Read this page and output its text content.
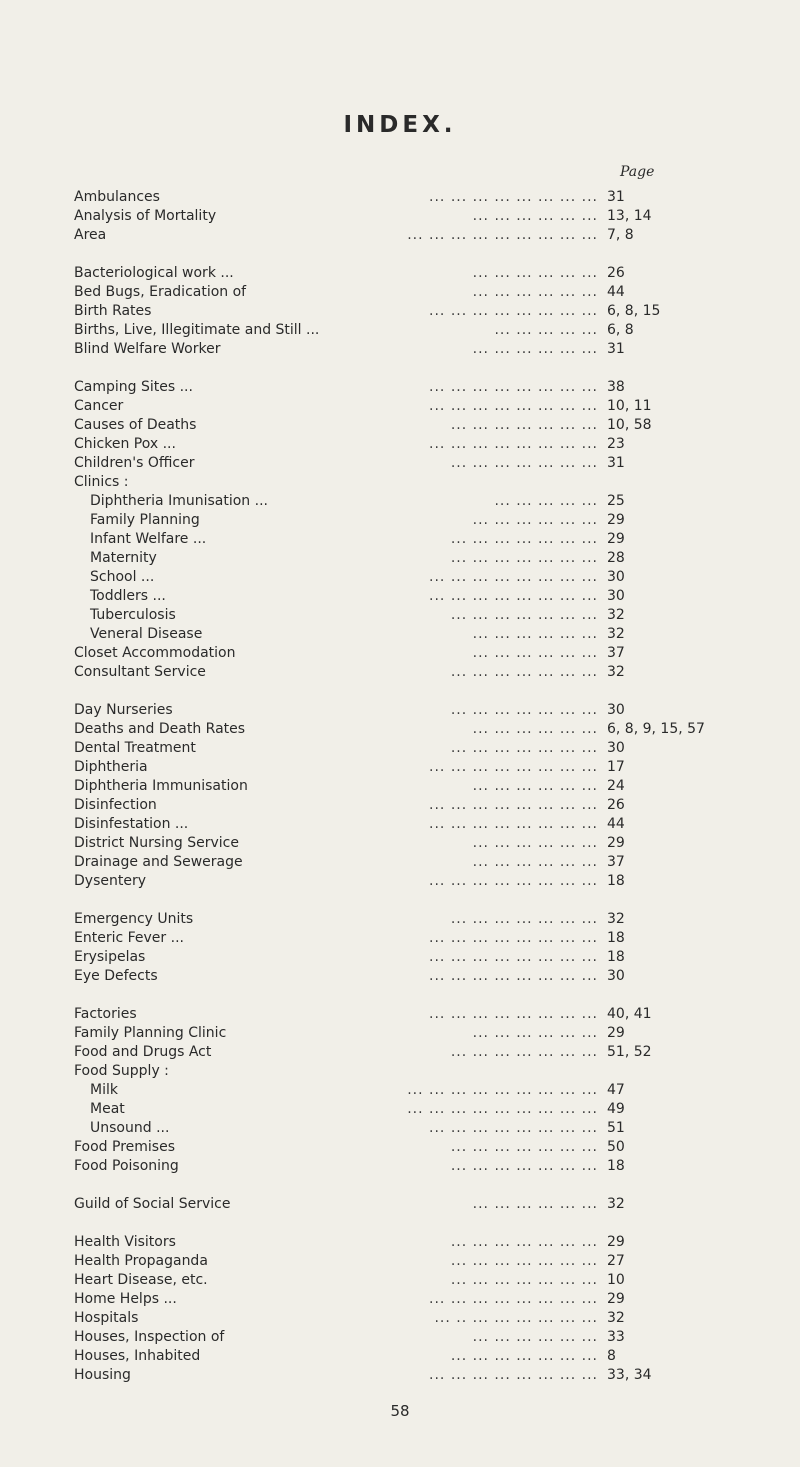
INDEX.
Page
Ambulances	... ... ... ... ... ... ... ... 31
Analysis of Mortality	... ... ... ... ... ... 13, 14
Area	... ... ... ... ... ... ... ... ... 7, 8
Bacteriological work ...	... ... ... ... ... ... 26
Bed Bugs, Eradication of	... ... ... ... ... ... 44
Birth Rates	... ... ... ... ... ... ... ... 6, 8, 15
Births, Live, Illegitimate and Still ...	... ... ... ... ... 6, 8
Blind Welfare Worker	... ... ... ... ... ... 31
Camping Sites ...	... ... ... ... ... ... ... ... 38
Cancer	... ... ... ... ... ... ... ... 10, 11
Causes of Deaths	... ... ... ... ... ... ... 10, 58
Chicken Pox ...	... ... ... ... ... ... ... ... 23
Children's Officer	... ... ... ... ... ... ... 31
Clinics :
Diphtheria Imunisation ...	... ... ... ... ... 25
Family Planning	... ... ... ... ... ... 29
Infant Welfare ...	... ... ... ... ... ... ... 29
Maternity	... ... ... ... ... ... ... 28
School ...	... ... ... ... ... ... ... ... 30
Toddlers ...	... ... ... ... ... ... ... ... 30
Tuberculosis	... ... ... ... ... ... ... 32
Veneral Disease	... ... ... ... ... ... 32
Closet Accommodation	... ... ... ... ... ... 37
Consultant Service	... ... ... ... ... ... ... 32
Day Nurseries	... ... ... ... ... ... ... 30
Deaths and Death Rates	... ... ... ... ... ... 6, 8, 9, 15, 57
Dental Treatment	... ... ... ... ... ... ... 30
Diphtheria	... ... ... ... ... ... ... ... 17
Diphtheria Immunisation	... ... ... ... ... ... 24
Disinfection	... ... ... ... ... ... ... ... 26
Disinfestation ...	... ... ... ... ... ... ... ... 44
District Nursing Service	... ... ... ... ... ... 29
Drainage and Sewerage	... ... ... ... ... ... 37
Dysentery	... ... ... ... ... ... ... ... 18
Emergency Units	... ... ... ... ... ... ... 32
Enteric Fever ...	... ... ... ... ... ... ... ... 18
Erysipelas	... ... ... ... ... ... ... ... 18
Eye Defects	... ... ... ... ... ... ... ... 30
Factories	... ... ... ... ... ... ... ... 40, 41
Family Planning Clinic	... ... ... ... ... ... 29
Food and Drugs Act	... ... ... ... ... ... ... 51, 52
Food Supply :
Milk	... ... ... ... ... ... ... ... ... 47
Meat	... ... ... ... ... ... ... ... ... 49
Unsound ...	... ... ... ... ... ... ... ... 51
Food Premises	... ... ... ... ... ... ... 50
Food Poisoning	... ... ... ... ... ... ... 18
Guild of Social Service	... ... ... ... ... ... 32
Health Visitors	... ... ... ... ... ... ... 29
Health Propaganda	... ... ... ... ... ... ... 27
Heart Disease, etc.	... ... ... ... ... ... ... 10
Home Helps ...	... ... ... ... ... ... ... ... 29
Hospitals	... .. ... ... ... ... ... ... 32
Houses, Inspection of	... ... ... ... ... ... 33
Houses, Inhabited	... ... ... ... ... ... ... 8
Housing	... ... ... ... ... ... ... ... 33, 34
58
